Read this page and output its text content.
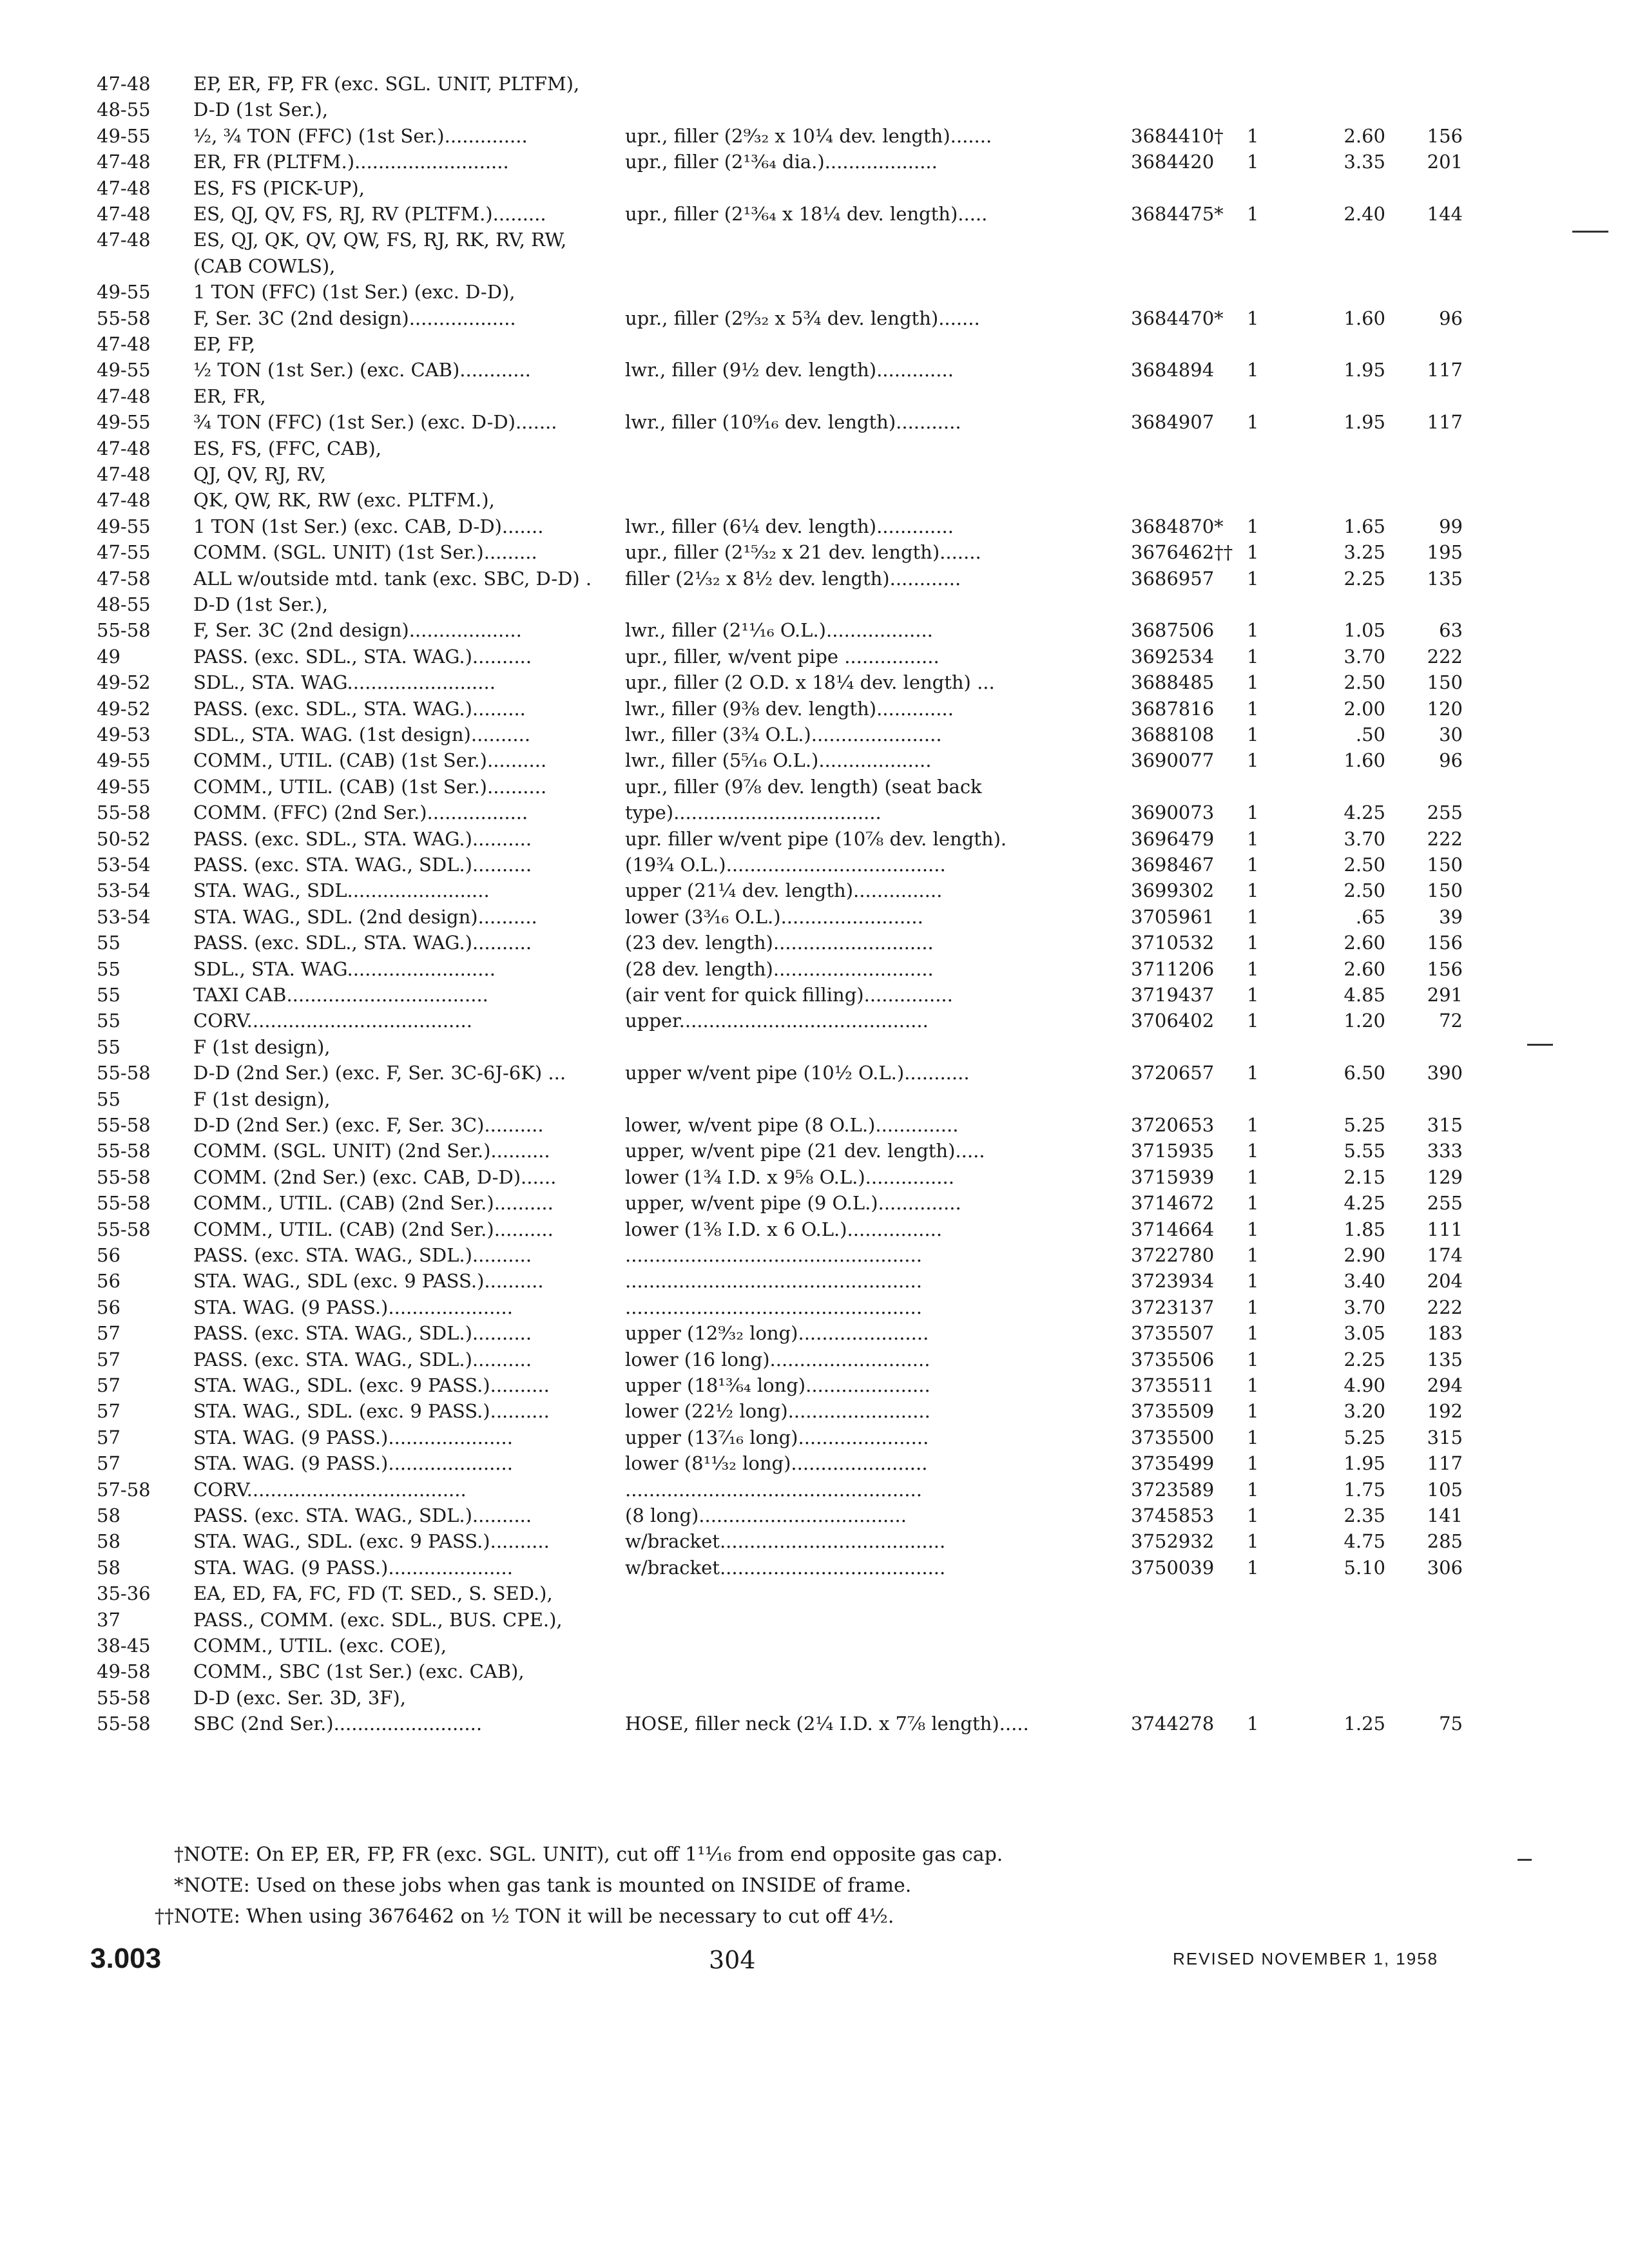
47-48	EP, ER, FP, FR (exc. SGL. UNIT, PLTFM),
48-55	D-D (1st Ser.),
49-55	½, ¾ TON (FFC) (1st Ser.)..............	upr., filler (2⁹⁄₃₂ x 10¼ dev. length).......	3684410†	1	2.60	156
47-48	ER, FR (PLTFM.)..........................	upr., filler (2¹³⁄₆₄ dia.)...................	3684420	1	3.35	201
47-48	ES, FS (PICK-UP),
47-48	ES, QJ, QV, FS, RJ, RV (PLTFM.).........	upr., filler (2¹³⁄₆₄ x 18¼ dev. length).....	3684475*	1	2.40	144
47-48	ES, QJ, QK, QV, QW, FS, RJ, RK, RV, RW,
(CAB COWLS),
49-55	1 TON (FFC) (1st Ser.) (exc. D-D),
55-58	F, Ser. 3C (2nd design)..................	upr., filler (2⁹⁄₃₂ x 5¾ dev. length).......	3684470*	1	1.60	96
47-48	EP, FP,
49-55	½ TON (1st Ser.) (exc. CAB)............	lwr., filler (9½ dev. length).............	3684894	1	1.95	117
47-48	ER, FR,
49-55	¾ TON (FFC) (1st Ser.) (exc. D-D).......	lwr., filler (10⁹⁄₁₆ dev. length)...........	3684907	1	1.95	117
47-48	ES, FS, (FFC, CAB),
47-48	QJ, QV, RJ, RV,
47-48	QK, QW, RK, RW (exc. PLTFM.),
49-55	1 TON (1st Ser.) (exc. CAB, D-D).......	lwr., filler (6¼ dev. length).............	3684870*	1	1.65	99
47-55	COMM. (SGL. UNIT) (1st Ser.).........	upr., filler (2¹⁵⁄₃₂ x 21 dev. length).......	3676462†† 1	3.25	195
47-58	ALL w/outside mtd. tank (exc. SBC, D-D) .	filler (2¹⁄₃₂ x 8½ dev. length)............	3686957	1	2.25	135
48-55	D-D (1st Ser.),
55-58	F, Ser. 3C (2nd design)...................	lwr., filler (2¹¹⁄₁₆ O.L.)..................	3687506	1	1.05	63
49	PASS. (exc. SDL., STA. WAG.)..........	upr., filler, w/vent pipe ................	3692534	1	3.70	222
49-52	SDL., STA. WAG.........................	upr., filler (2 O.D. x 18¼ dev. length) ...	3688485	1	2.50	150
49-52	PASS. (exc. SDL., STA. WAG.).........	lwr., filler (9⅜ dev. length).............	3687816	1	2.00	120
49-53	SDL., STA. WAG. (1st design)..........	lwr., filler (3¾ O.L.)......................	3688108	1	.50	30
49-55	COMM., UTIL. (CAB) (1st Ser.)..........	lwr., filler (5⁵⁄₁₆ O.L.)...................	3690077	1	1.60	96
49-55	COMM., UTIL. (CAB) (1st Ser.)..........	upr., filler (9⅞ dev. length) (seat back
55-58	COMM. (FFC) (2nd Ser.).................	type)...................................	3690073	1	4.25	255
50-52	PASS. (exc. SDL., STA. WAG.)..........	upr. filler w/vent pipe (10⅞ dev. length).	3696479	1	3.70	222
53-54	PASS. (exc. STA. WAG., SDL.)..........	(19¾ O.L.).....................................	3698467	1	2.50	150
53-54	STA. WAG., SDL........................	upper (21¼ dev. length)...............	3699302	1	2.50	150
53-54	STA. WAG., SDL. (2nd design)..........	lower (3³⁄₁₆ O.L.)........................	3705961	1	.65	39
55	PASS. (exc. SDL., STA. WAG.)..........	(23 dev. length)...........................	3710532	1	2.60	156
55	SDL., STA. WAG.........................	(28 dev. length)...........................	3711206	1	2.60	156
55	TAXI CAB..................................	(air vent for quick filling)...............	3719437	1	4.85	291
55	CORV......................................	upper..........................................	3706402	1	1.20	72
55	F (1st design),
55-58	D-D (2nd Ser.) (exc. F, Ser. 3C-6J-6K) ...	upper w/vent pipe (10½ O.L.)...........	3720657	1	6.50	390
55	F (1st design),
55-58	D-D (2nd Ser.) (exc. F, Ser. 3C)..........	lower, w/vent pipe (8 O.L.)..............	3720653	1	5.25	315
55-58	COMM. (SGL. UNIT) (2nd Ser.)..........	upper, w/vent pipe (21 dev. length).....	3715935	1	5.55	333
55-58	COMM. (2nd Ser.) (exc. CAB, D-D)......	lower (1¾ I.D. x 9⅝ O.L.)...............	3715939	1	2.15	129
55-58	COMM., UTIL. (CAB) (2nd Ser.)..........	upper, w/vent pipe (9 O.L.)..............	3714672	1	4.25	255
55-58	COMM., UTIL. (CAB) (2nd Ser.)..........	lower (1⅜ I.D. x 6 O.L.)................	3714664	1	1.85	111
56	PASS. (exc. STA. WAG., SDL.)..........	..................................................	3722780	1	2.90	174
56	STA. WAG., SDL (exc. 9 PASS.)..........	..................................................	3723934	1	3.40	204
56	STA. WAG. (9 PASS.).....................	..................................................	3723137	1	3.70	222
57	PASS. (exc. STA. WAG., SDL.)..........	upper (12⁹⁄₃₂ long)......................	3735507	1	3.05	183
57	PASS. (exc. STA. WAG., SDL.)..........	lower (16 long)...........................	3735506	1	2.25	135
57	STA. WAG., SDL. (exc. 9 PASS.)..........	upper (18¹³⁄₆₄ long).....................	3735511	1	4.90	294
57	STA. WAG., SDL. (exc. 9 PASS.)..........	lower (22½ long)........................	3735509	1	3.20	192
57	STA. WAG. (9 PASS.).....................	upper (13⁷⁄₁₆ long)......................	3735500	1	5.25	315
57	STA. WAG. (9 PASS.).....................	lower (8¹¹⁄₃₂ long).......................	3735499	1	1.95	117
57-58	CORV.....................................	..................................................	3723589	1	1.75	105
58	PASS. (exc. STA. WAG., SDL.)..........	(8 long)...................................	3745853	1	2.35	141
58	STA. WAG., SDL. (exc. 9 PASS.)..........	w/bracket......................................	3752932	1	4.75	285
58	STA. WAG. (9 PASS.).....................	w/bracket......................................	3750039	1	5.10	306
35-36	EA, ED, FA, FC, FD (T. SED., S. SED.),
37	PASS., COMM. (exc. SDL., BUS. CPE.),
38-45	COMM., UTIL. (exc. COE),
49-58	COMM., SBC (1st Ser.) (exc. CAB),
55-58	D-D (exc. Ser. 3D, 3F),
55-58	SBC (2nd Ser.).........................	HOSE, filler neck (2¼ I.D. x 7⅞ length).....	3744278	1	1.25	75
†NOTE: On EP, ER, FP, FR (exc. SGL. UNIT), cut off 1¹¹⁄₁₆ from end opposite gas cap.
*NOTE: Used on these jobs when gas tank is mounted on INSIDE of frame.
††NOTE: When using 3676462 on ½ TON it will be necessary to cut off 4½.
3.003	304	REVISED NOVEMBER 1, 1958
